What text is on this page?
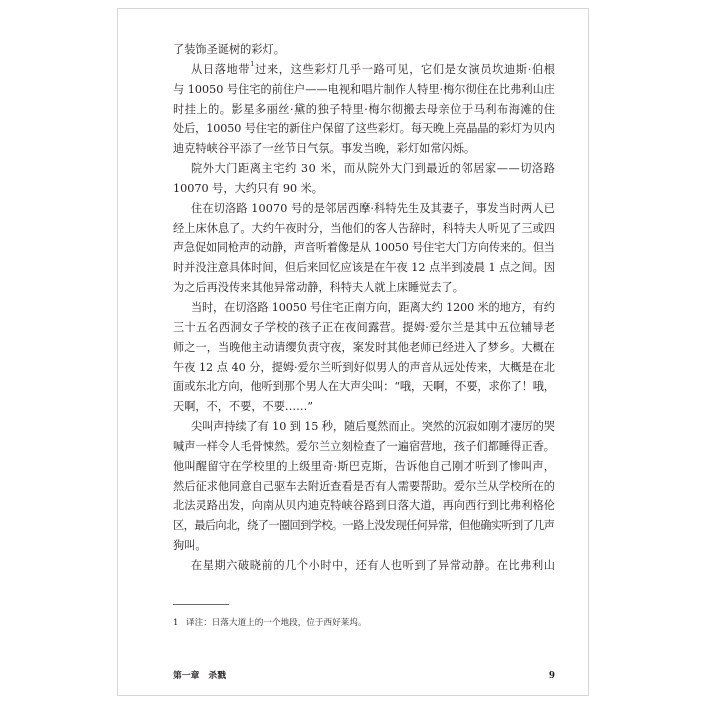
了装饰圣诞树的彩灯。
从日落地带$^1$过来，这些彩灯几乎一路可见，它们是女演员坎迪斯·伯根
与 10050 号住宅的前住户——电视和唱片制作人特里·梅尔彻住在比弗利山庄
时挂上的。影星多丽丝·黛的独子特里·梅尔彻搬去母亲位于马利布海滩的住
处后，10050 号住宅的新住户保留了这些彩灯。每天晚上亮晶晶的彩灯为贝内
迪克特峡谷平添了一丝节日气氛。事发当晚，彩灯如常闪烁。
院外大门距离主宅约 30 米，而从院外大门到最近的邻居家——切洛路
10070 号，大约只有 90 米。
住在切洛路 10070 号的是邻居西摩·科特先生及其妻子，事发当时两人已
经上床休息了。大约午夜时分，当他们的客人告辞时，科特夫人听见了三或四
声急促如同枪声的动静，声音听着像是从 10050 号住宅大门方向传来的。但当
时并没注意具体时间，但后来回忆应该是在午夜 12 点半到凌晨 1 点之间。因
为之后再没传来其他异常动静，科特夫人就上床睡觉去了。
当时，在切洛路 10050 号住宅正南方向，距离大约 1200 米的地方，有约
三十五名西洞女子学校的孩子正在夜间露营。提姆·爱尔兰是其中五位辅导老
师之一，当晚他主动请缨负责守夜，案发时其他老师已经进入了梦乡。大概在
午夜 12 点 40 分，提姆·爱尔兰听到好似男人的声音从远处传来，大概是在北
面或东北方向，他听到那个男人在大声尖叫：“哦，天啊，不要，求你了！哦，
天啊，不，不要，不要……”
尖叫声持续了有 10 到 15 秒，随后戛然而止。突然的沉寂如刚才凄厉的哭
喊声一样令人毛骨悚然。爱尔兰立刻检查了一遍宿营地，孩子们都睡得正香。
他叫醒留守在学校里的上级里奇·斯巴克斯，告诉他自己刚才听到了惨叫声，
然后征求他同意自己驱车去附近查看是否有人需要帮助。爱尔兰从学校所在的
北法灵路出发，向南从贝内迪克特峡谷路到日落大道，再向西行到比弗利格伦
区，最后向北，绕了一圈回到学校。一路上没发现任何异常，但他确实听到了几声
狗叫。
在星期六破晓前的几个小时中，还有人也听到了异常动静。在比弗利山
1 译注：日落大道上的一个地段，位于西好莱坞。
第一章 杀戮	9
